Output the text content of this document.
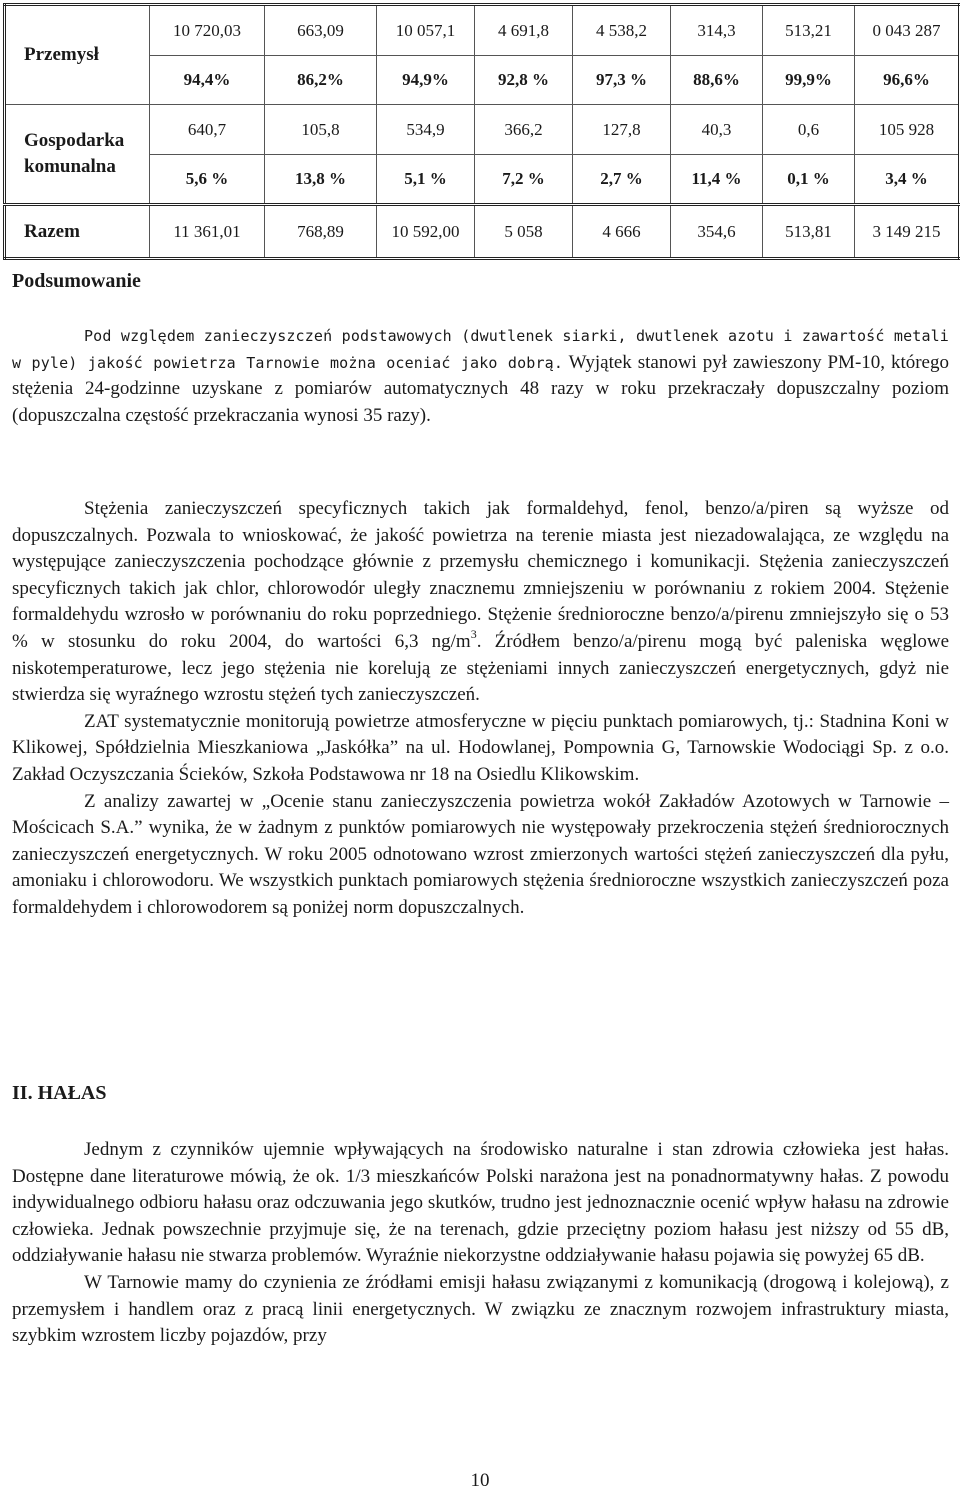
Przemysł	10 720,03	663,09	10 057,1	4 691,8	4 538,2	314,3	513,21	0 043 287
	94,4%	86,2%	94,9%	92,8 %	97,3 %	88,6%	99,9%	96,6%
Gospodarka komunalna	640,7	105,8	534,9	366,2	127,8	40,3	0,6	105 928
	5,6 %	13,8 %	5,1 %	7,2 %	2,7 %	11,4 %	0,1 %	3,4 %
Razem	11 361,01	768,89	10 592,00	5 058	4 666	354,6	513,81	3 149 215
Podsumowanie

Pod względem zanieczyszczeń podstawowych (dwutlenek siarki, dwutlenek azotu i zawartość metali w pyle) jakość powietrza Tarnowie można oceniać jako dobrą. Wyjątek stanowi pył zawieszony PM-10, którego stężenia 24-godzinne uzyskane z pomiarów automatycznych 48 razy w roku przekraczały dopuszczalny poziom (dopuszczalna częstość przekraczania wynosi 35 razy).

Stężenia zanieczyszczeń specyficznych takich jak formaldehyd, fenol, benzo/a/piren są wyższe od dopuszczalnych. Pozwala to wnioskować, że jakość powietrza na terenie miasta jest niezadowalająca, ze względu na występujące zanieczyszczenia pochodzące głównie z przemysłu chemicznego i komunikacji. Stężenia zanieczyszczeń specyficznych takich jak chlor, chlorowodór uległy znacznemu zmniejszeniu w porównaniu z rokiem 2004. Stężenie formaldehydu wzrosło w porównaniu do roku poprzedniego. Stężenie średnioroczne benzo/a/pirenu zmniejszyło się o 53 % w stosunku do roku 2004, do wartości 6,3 $ng/m^3$. Źródłem benzo/a/pirenu mogą być paleniska węglowe niskotemperaturowe, lecz jego stężenia nie korelują ze stężeniami innych zanieczyszczeń energetycznych, gdyż nie stwierdza się wyraźnego wzrostu stężeń tych zanieczyszczeń.

ZAT systematycznie monitorują powietrze atmosferyczne w pięciu punktach pomiarowych, tj.: Stadnina Koni w Klikowej, Spółdzielnia Mieszkaniowa „Jaskółka” na ul. Hodowlanej, Pompownia G, Tarnowskie Wodociągi Sp. z o.o. Zakład Oczyszczania Ścieków, Szkoła Podstawowa nr 18 na Osiedlu Klikowskim.

Z analizy zawartej w „Ocenie stanu zanieczyszczenia powietrza wokół Zakładów Azotowych w Tarnowie – Mościcach S.A.” wynika, że w żadnym z punktów pomiarowych nie występowały przekroczenia stężeń średniorocznych zanieczyszczeń energetycznych. W roku 2005 odnotowano wzrost zmierzonych wartości stężeń zanieczyszczeń dla pyłu, amoniaku i chlorowodoru. We wszystkich punktach pomiarowych stężenia średnioroczne wszystkich zanieczyszczeń poza formaldehydem i chlorowodorem są poniżej norm dopuszczalnych.

II. HAŁAS

Jednym z czynników ujemnie wpływających na środowisko naturalne i stan zdrowia człowieka jest hałas. Dostępne dane literaturowe mówią, że ok. 1/3 mieszkańców Polski narażona jest na ponadnormatywny hałas. Z powodu indywidualnego odbioru hałasu oraz odczuwania jego skutków, trudno jest jednoznacznie ocenić wpływ hałasu na zdrowie człowieka. Jednak powszechnie przyjmuje się, że na terenach, gdzie przeciętny poziom hałasu jest niższy od 55 dB, oddziaływanie hałasu nie stwarza problemów. Wyraźnie niekorzystne oddziaływanie hałasu pojawia się powyżej 65 dB.

W Tarnowie mamy do czynienia ze źródłami emisji hałasu związanymi z komunikacją (drogową i kolejową), z przemysłem i handlem oraz z pracą linii energetycznych. W związku ze znacznym rozwojem infrastruktury miasta, szybkim wzrostem liczby pojazdów, przy

10
